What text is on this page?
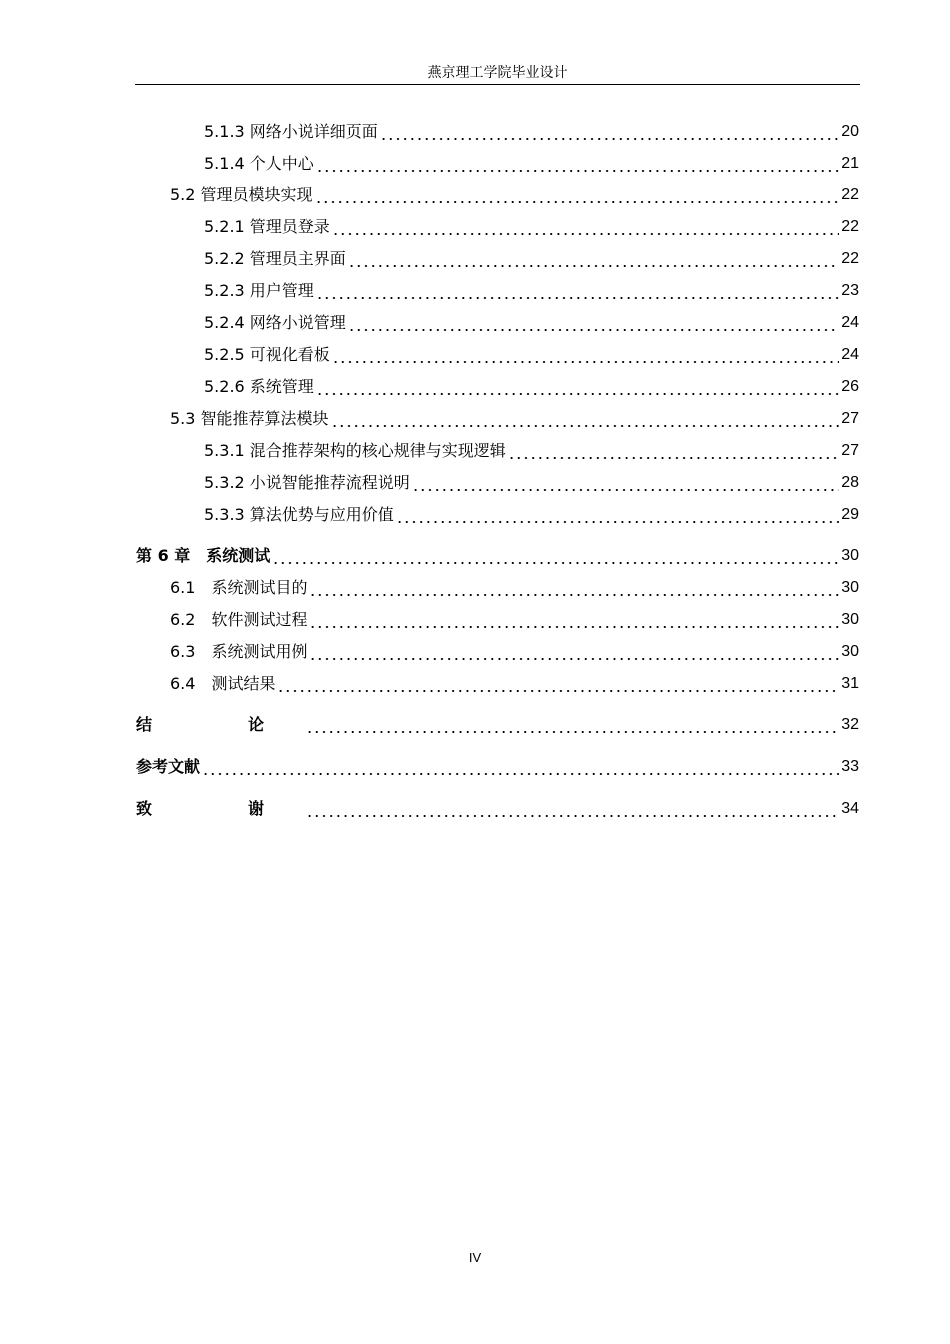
燕京理工学院毕业设计
5.1.3 网络小说详细页面	20
5.1.4 个人中心	21
5.2 管理员模块实现	22
5.2.1 管理员登录	22
5.2.2 管理员主界面	22
5.2.3 用户管理	23
5.2.4 网络小说管理	24
5.2.5 可视化看板	24
5.2.6 系统管理	26
5.3 智能推荐算法模块	27
5.3.1 混合推荐架构的核心规律与实现逻辑	27
5.3.2 小说智能推荐流程说明	28
5.3.3 算法优势与应用价值	29
第 6 章　系统测试	30
6.1　系统测试目的	30
6.2　软件测试过程	30
6.3　系统测试用例	30
6.4　测试结果	31
结　论	32
参考文献	33
致　谢	34
IV
